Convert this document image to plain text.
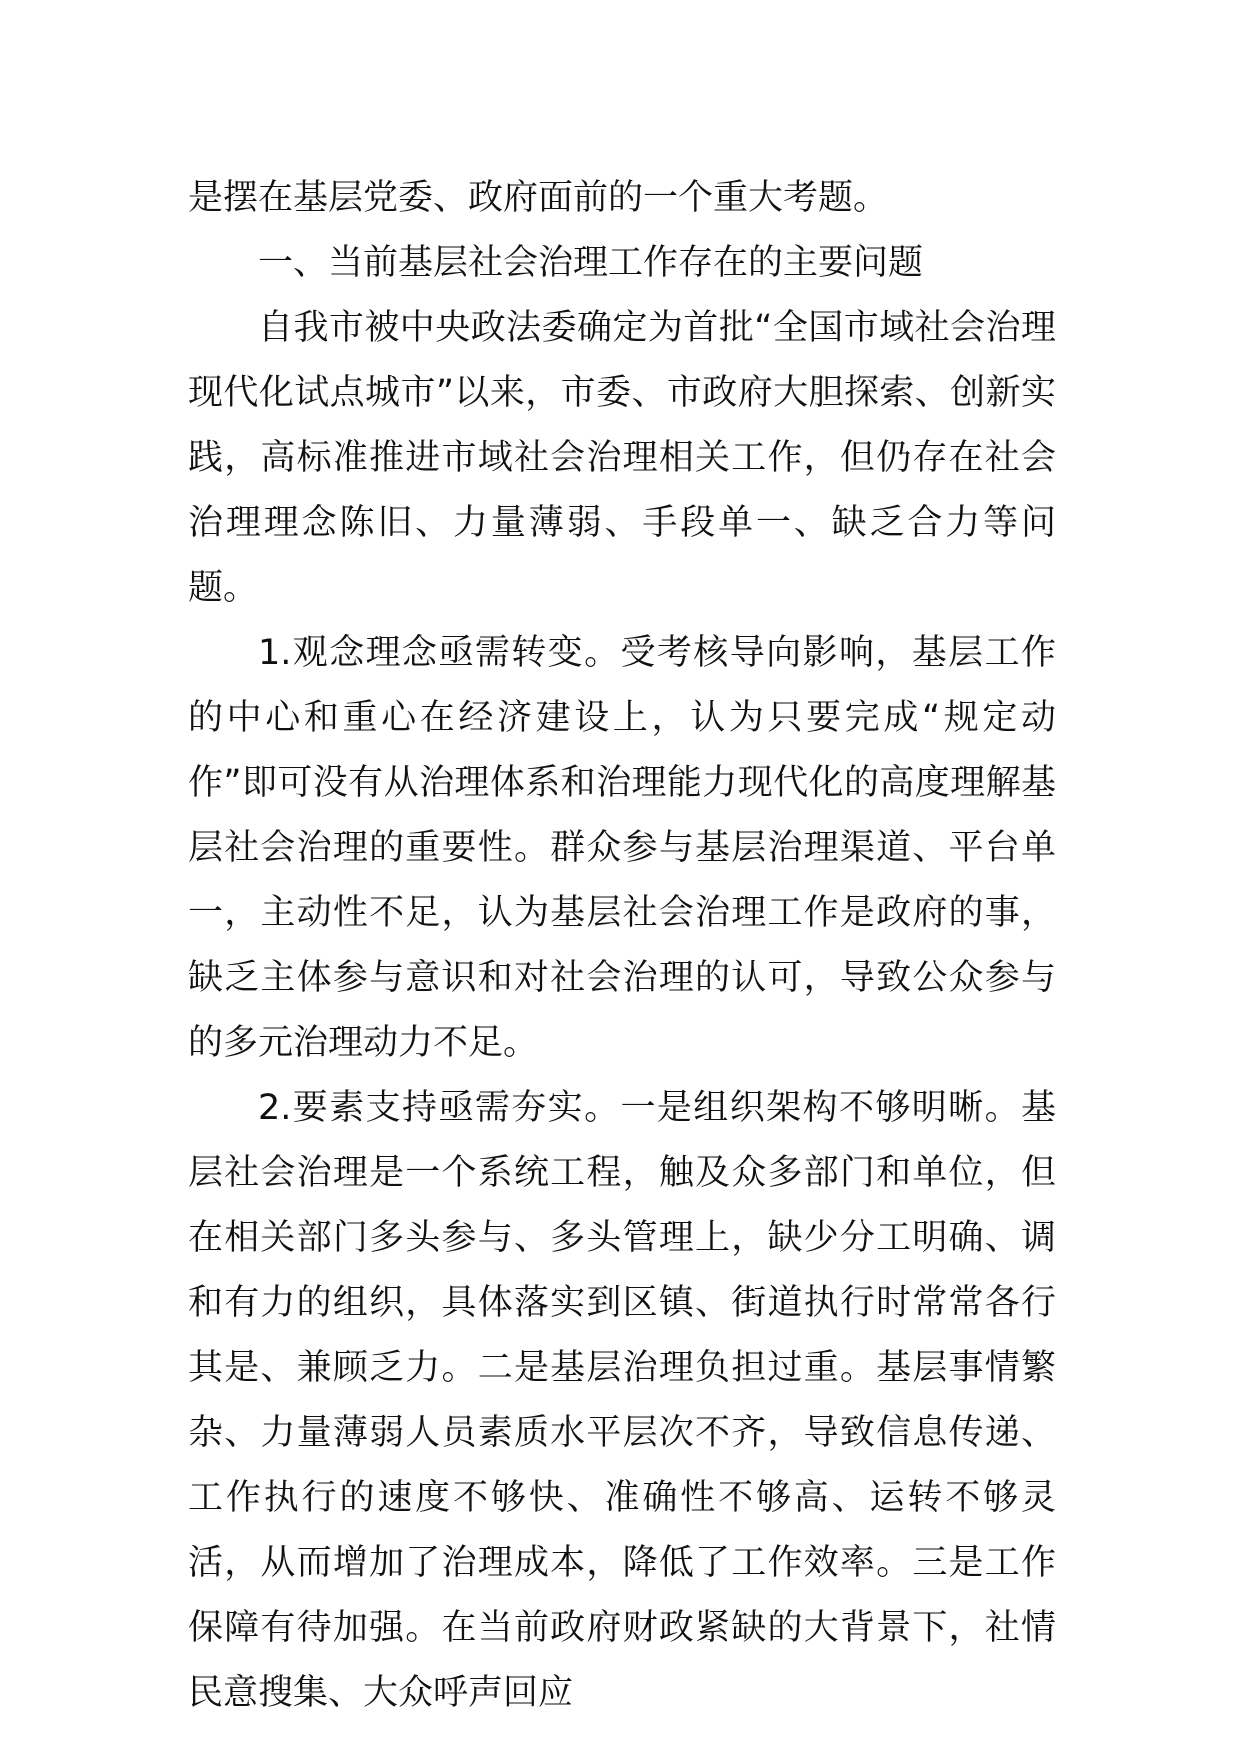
是摆在基层党委、政府面前的一个重大考题。

一、当前基层社会治理工作存在的主要问题

自我市被中央政法委确定为首批“全国市域社会治理现代化试点城市”以来，市委、市政府大胆探索、创新实践，高标准推进市域社会治理相关工作，但仍存在社会治理理念陈旧、力量薄弱、手段单一、缺乏合力等问题。

1.观念理念亟需转变。受考核导向影响，基层工作的中心和重心在经济建设上，认为只要完成“规定动作”即可没有从治理体系和治理能力现代化的高度理解基层社会治理的重要性。群众参与基层治理渠道、平台单一，主动性不足，认为基层社会治理工作是政府的事，缺乏主体参与意识和对社会治理的认可，导致公众参与的多元治理动力不足。

2.要素支持亟需夯实。一是组织架构不够明晰。基层社会治理是一个系统工程，触及众多部门和单位，但在相关部门多头参与、多头管理上，缺少分工明确、调和有力的组织，具体落实到区镇、街道执行时常常各行其是、兼顾乏力。二是基层治理负担过重。基层事情繁杂、力量薄弱人员素质水平层次不齐，导致信息传递、工作执行的速度不够快、准确性不够高、运转不够灵活，从而增加了治理成本，降低了工作效率。三是工作保障有待加强。在当前政府财政紧缺的大背景下，社情民意搜集、大众呼声回应
